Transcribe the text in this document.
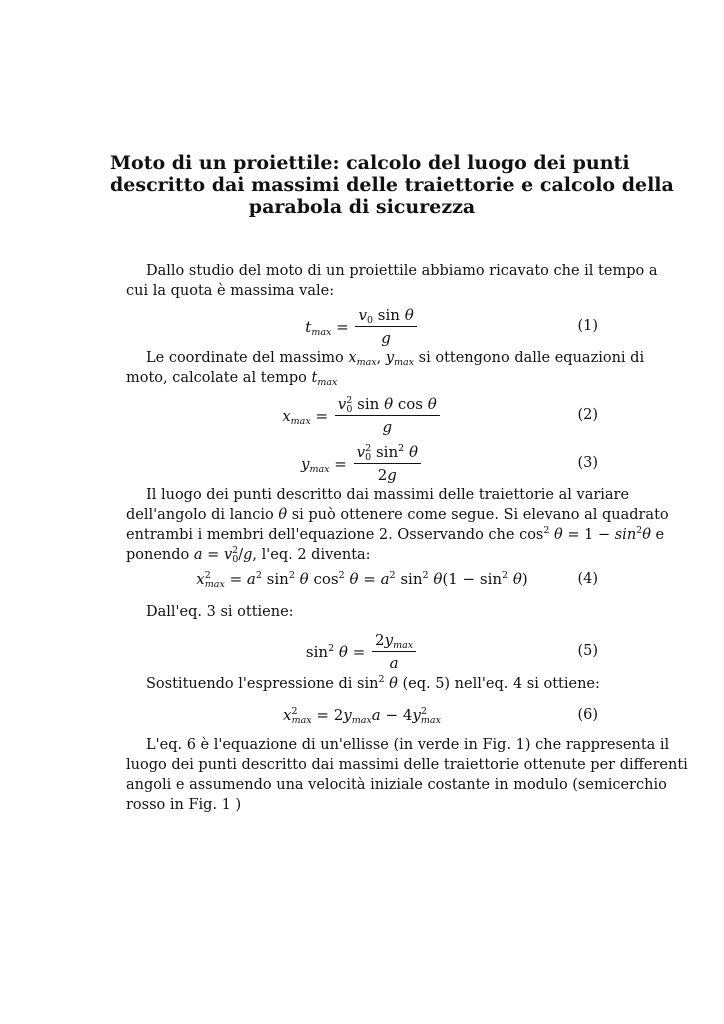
Moto di un proiettile: calcolo del luogo dei punti
descritto dai massimi delle traiettorie e calcolo della
parabola di sicurezza
Dallo studio del moto di un proiettile abbiamo ricavato che il tempo a
cui la quota è massima vale:
$t_{max} = \frac{v_0 \sin \theta}{g}$	(1)
Le coordinate del massimo $x_{max}$, $y_{max}$ si ottengono dalle equazioni di
moto, calcolate al tempo $t_{max}$
$x_{max} = \frac{v^2_0 \sin \theta \cos \theta}{g}$	(2)
$y_{max} = \frac{v^2_0 \sin^2 \theta}{2g}$	(3)
Il luogo dei punti descritto dai massimi delle traiettorie al variare
dell'angolo di lancio θ si può ottenere come segue. Si elevano al quadrato
entrambi i membri dell'equazione 2. Osservando che $\cos^2 \theta = 1 - \sin^2\theta$ e
ponendo $a = v^2_0/g$, l'eq. 2 diventa:
$x^2_{max} = a^2$ $\sin^2 \theta$ $\cos^2 \theta = a^2$ $\sin^2 \theta(1 - \sin^2 \theta)$	(4)
Dall'eq. 3 si ottiene:
$\sin^2 \theta = \frac{2y_{max}}{a}$	(5)
Sostituendo l'espressione di $\sin^2 \theta$ (eq. 5) nell'eq. 4 si ottiene:
$x^2_{max} = 2y_{max}a - 4y^2_{max}$	(6)
L'eq. 6 è l'equazione di un'ellisse (in verde in Fig. 1) che rappresenta il
luogo dei punti descritto dai massimi delle traiettorie ottenute per differenti
angoli e assumendo una velocità iniziale costante in modulo (semicerchio
rosso in Fig. 1 )
